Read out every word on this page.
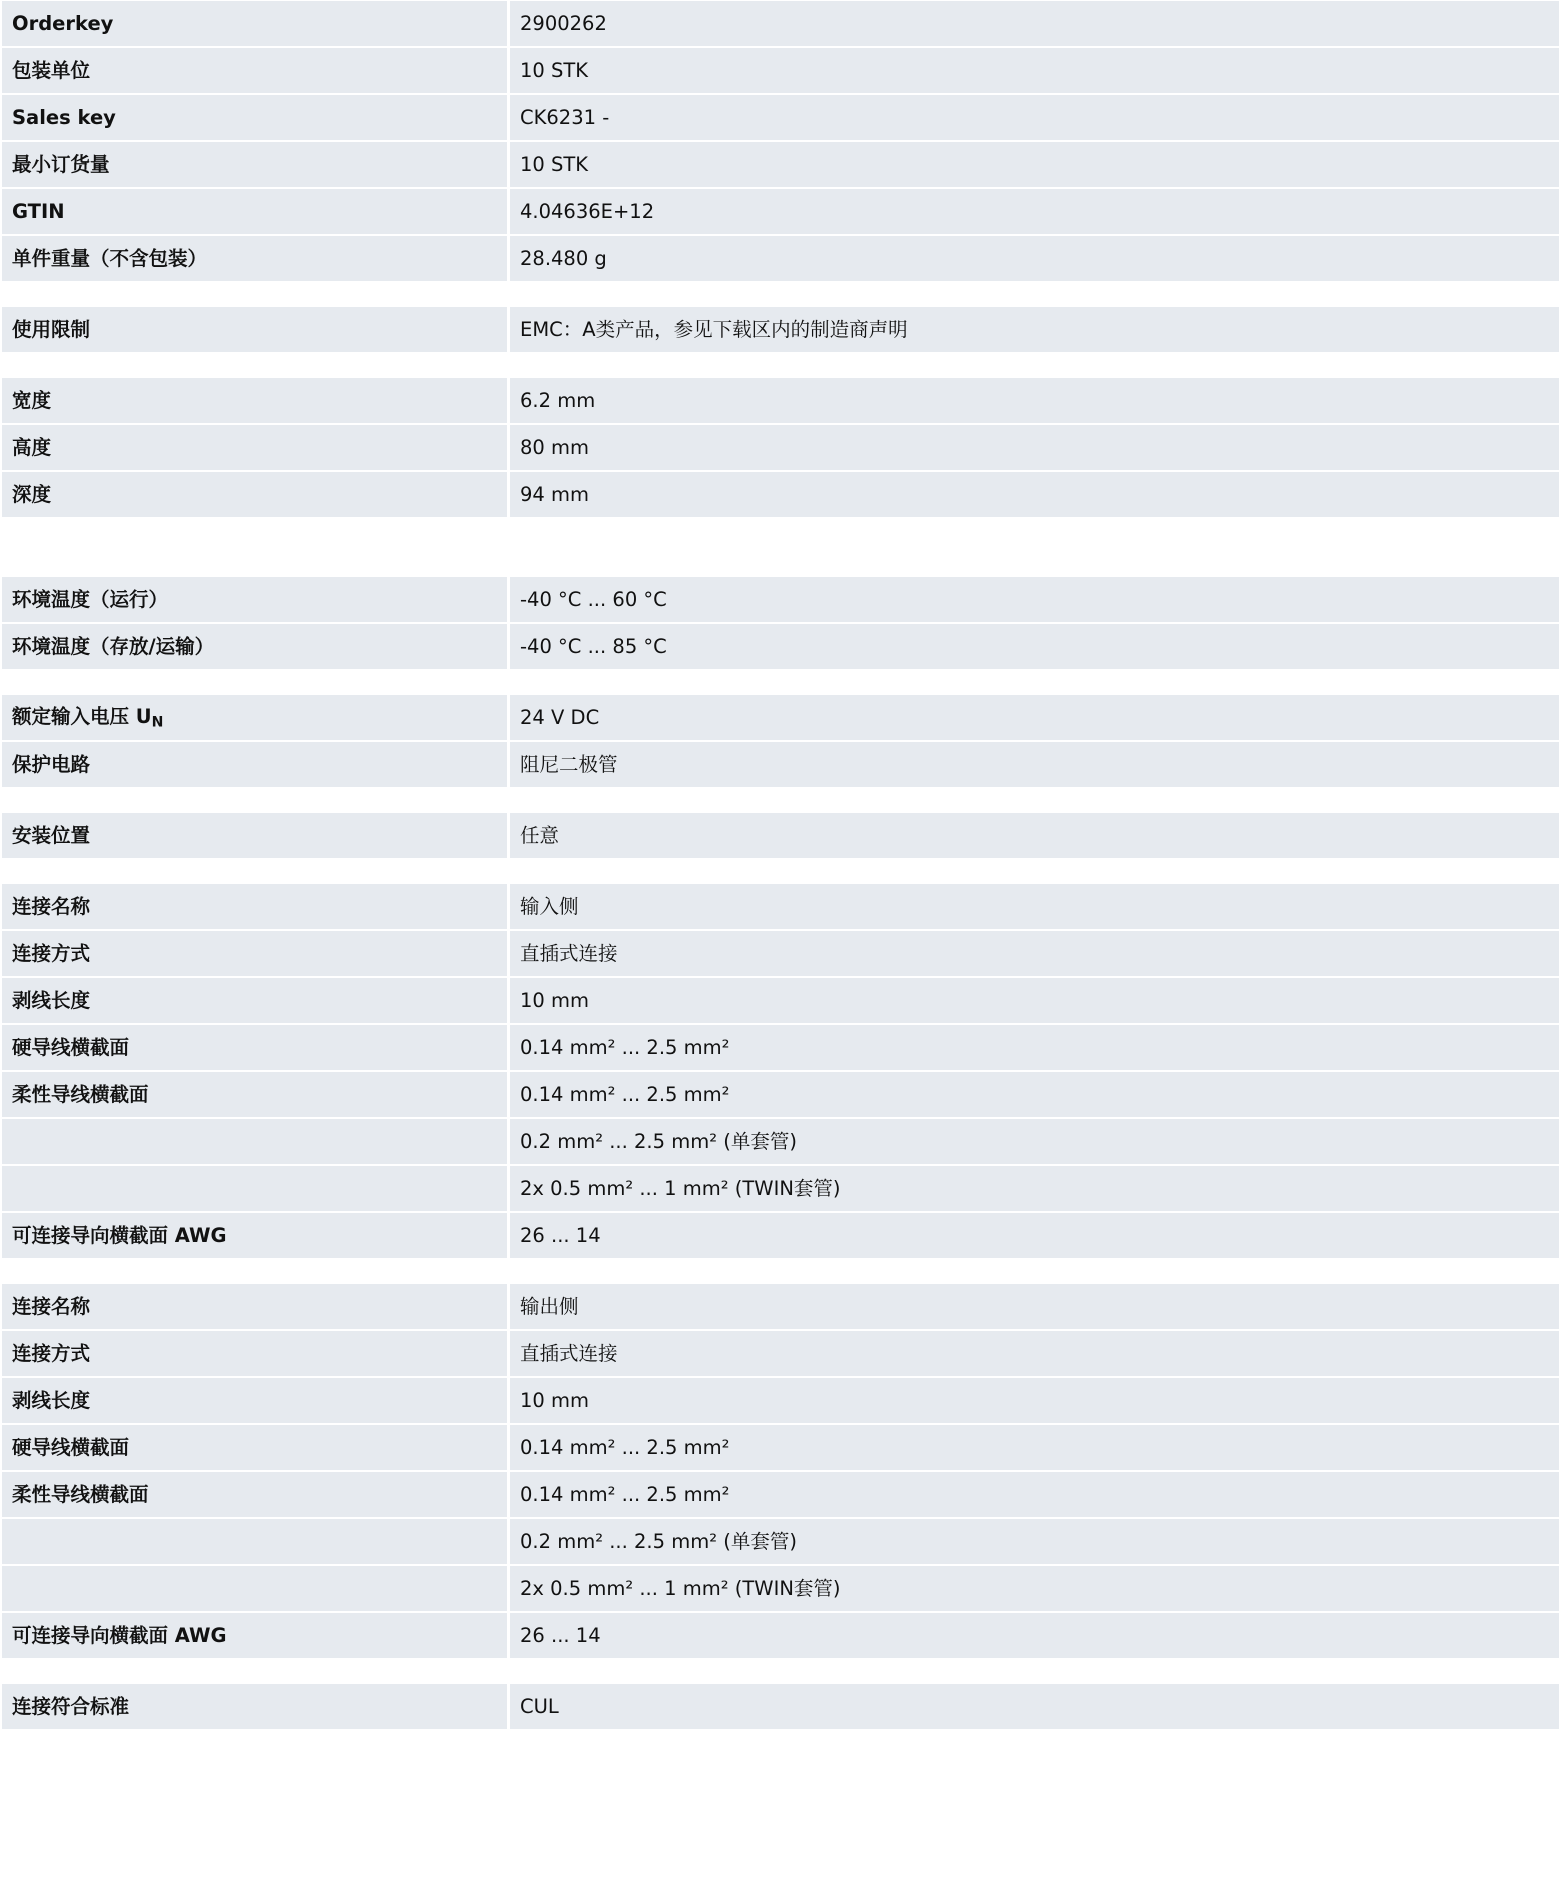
Orderkey	2900262
包装单位	10 STK
Sales key	CK6231 -
最小订货量	10 STK
GTIN	4.04636E+12
单件重量（不含包装）	28.480 g
使用限制	EMC：A类产品，参见下载区内的制造商声明
宽度	6.2 mm
高度	80 mm
深度	94 mm
环境温度（运行）	-40 °C ... 60 °C
环境温度（存放/运输）	-40 °C ... 85 °C
额定输入电压 $U_N$	24 V DC
保护电路	阻尼二极管
安装位置	任意
连接名称	输入侧
连接方式	直插式连接
剥线长度	10 mm
硬导线横截面	0.14 mm² ... 2.5 mm²
柔性导线横截面	0.14 mm² ... 2.5 mm²
	0.2 mm² ... 2.5 mm² (单套管)
	2x 0.5 mm² ... 1 mm² (TWIN套管)
可连接导向横截面 AWG	26 ... 14
连接名称	输出侧
连接方式	直插式连接
剥线长度	10 mm
硬导线横截面	0.14 mm² ... 2.5 mm²
柔性导线横截面	0.14 mm² ... 2.5 mm²
	0.2 mm² ... 2.5 mm² (单套管)
	2x 0.5 mm² ... 1 mm² (TWIN套管)
可连接导向横截面 AWG	26 ... 14
连接符合标准	CUL
